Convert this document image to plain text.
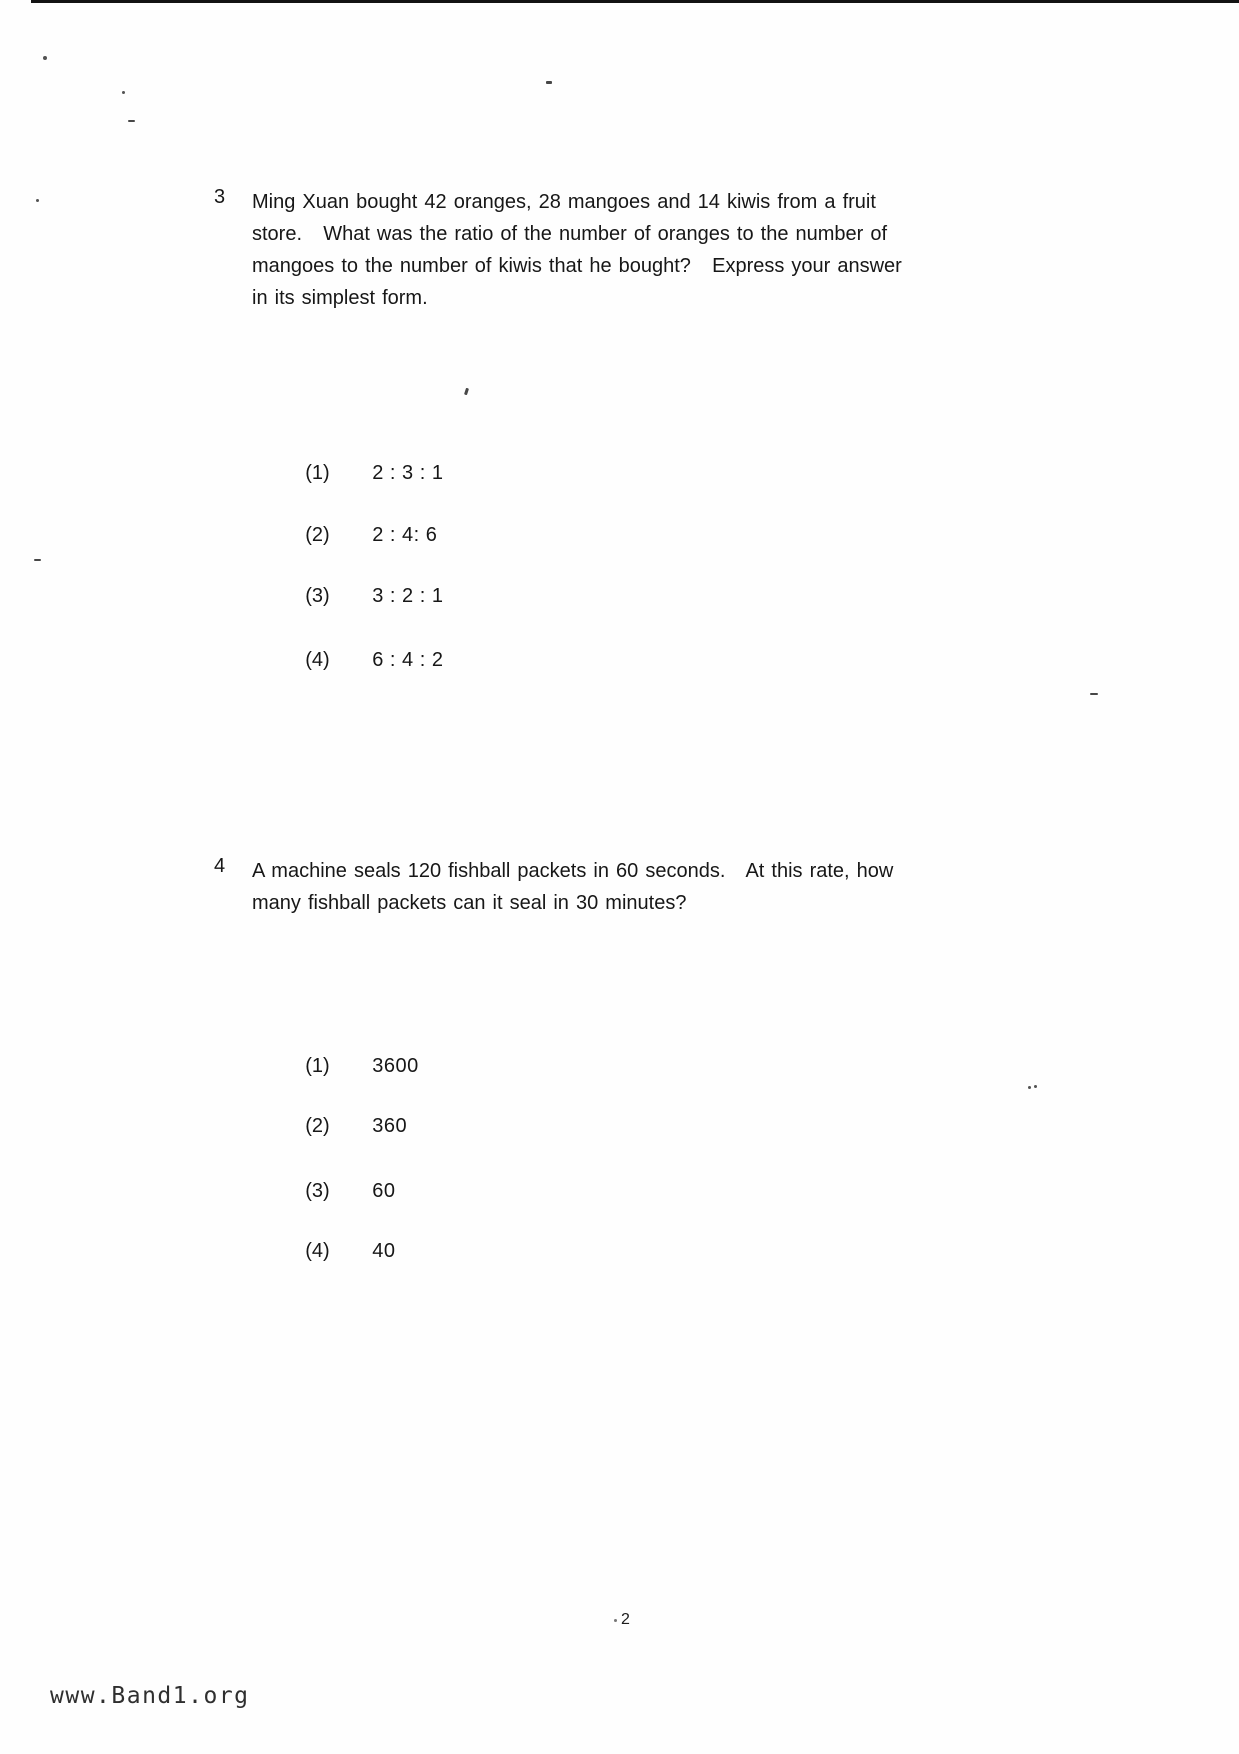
3 Ming Xuan bought 42 oranges, 28 mangoes and 14 kiwis from a fruit
store.   What was the ratio of the number of oranges to the number of
mangoes to the number of kiwis that he bought?   Express your answer
in its simplest form.

(1) 2 : 3 : 1

(2) 2 : 4: 6

(3) 3 : 2 : 1

(4) 6 : 4 : 2

4 A machine seals 120 fishball packets in 60 seconds.   At this rate, how
many fishball packets can it seal in 30 minutes?

(1) 3600

(2) 360

(3) 60

(4) 40

2
www.Band1.org
